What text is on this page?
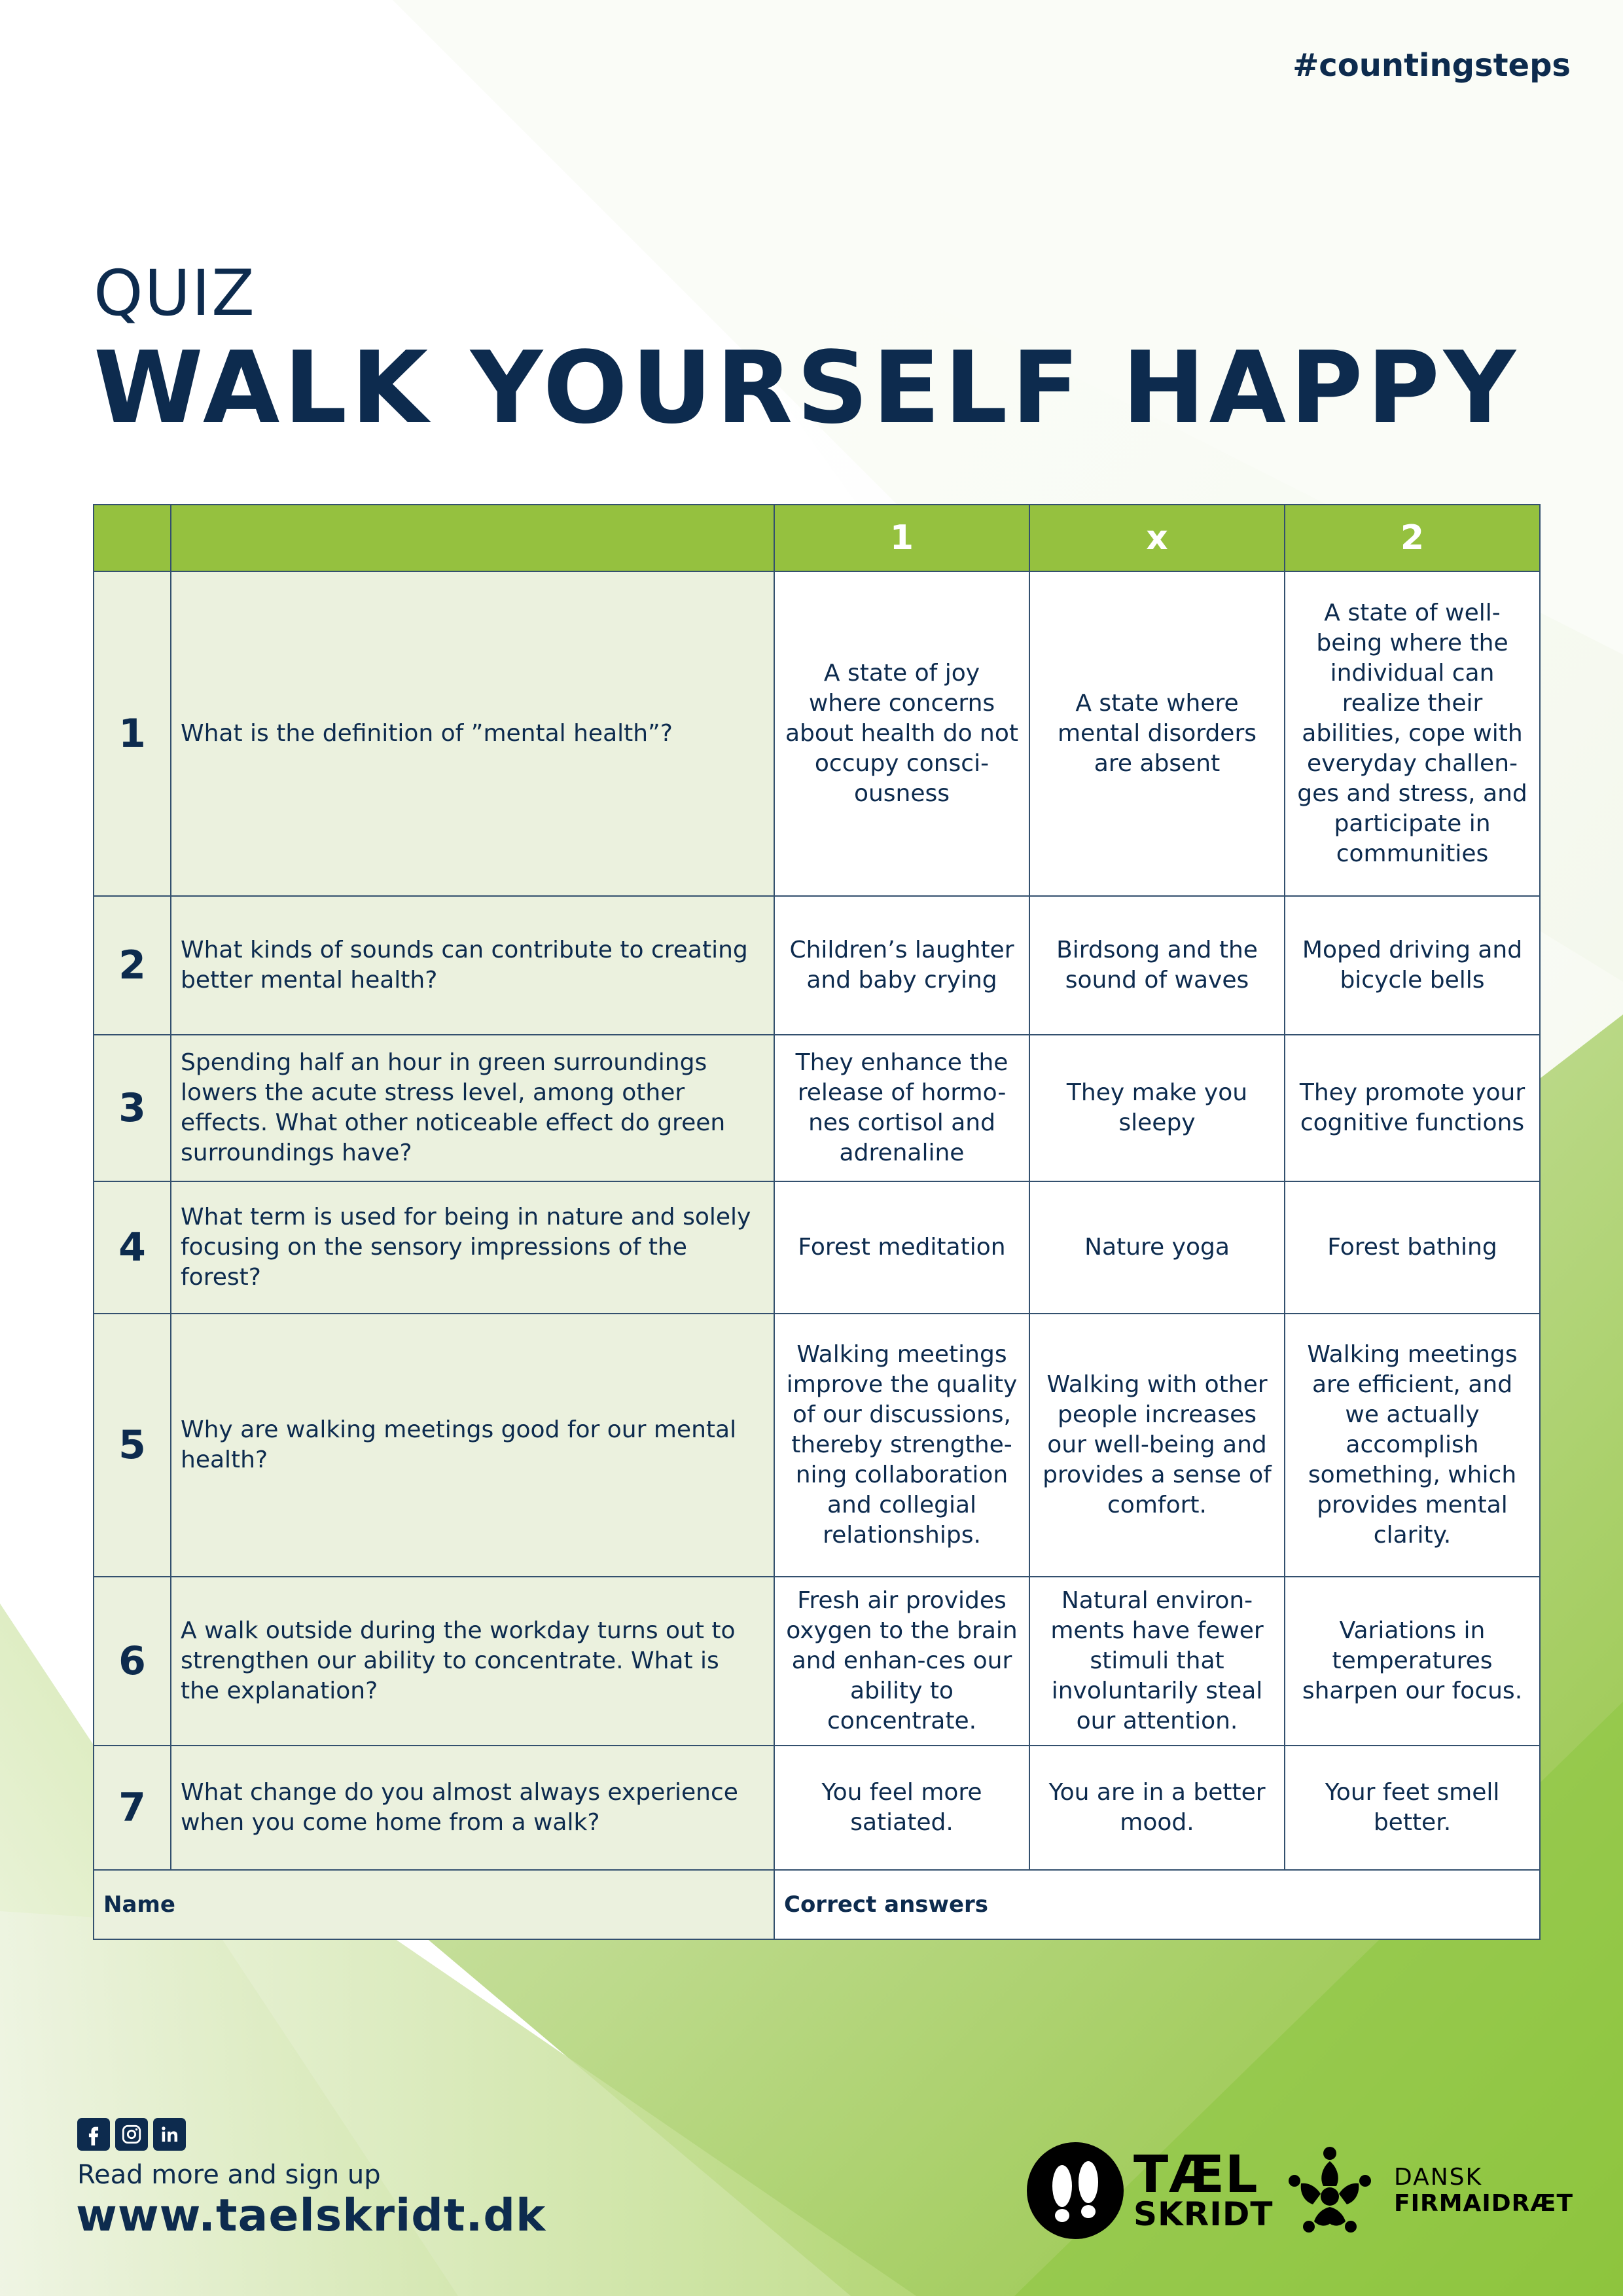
#countingsteps
QUIZ
WALK YOURSELF HAPPY
		1	x	2
1	What is the definition of ”mental health”?	A state of joy where concerns about health do not occupy consci-ousness	A state where mental disorders are absent	A state of well-being where the individual can realize their abilities, cope with everyday challen-ges and stress, and participate in communities
2	What kinds of sounds can contribute to creating better mental health?	Children’s laughter and baby crying	Birdsong and the sound of waves	Moped driving and bicycle bells
3	Spending half an hour in green surroundings lowers the acute stress level, among other effects. What other noticeable effect do green surroundings have?	They enhance the release of hormo-nes cortisol and adrenaline	They make you sleepy	They promote your cognitive functions
4	What term is used for being in nature and solely focusing on the sensory impressions of the forest?	Forest meditation	Nature yoga	Forest bathing
5	Why are walking meetings good for our mental health?	Walking meetings improve the quality of our discussions, thereby strengthe-ning collaboration and collegial relationships.	Walking with other people increases our well-being and provides a sense of comfort.	Walking meetings are efficient, and we actually accomplish something, which provides mental clarity.
6	A walk outside during the workday turns out to strengthen our ability to concentrate. What is the explanation?	Fresh air provides oxygen to the brain and enhan-ces our ability to concentrate.	Natural environ-ments have fewer stimuli that involuntarily steal our attention.	Variations in temperatures sharpen our focus.
7	What change do you almost always experience when you come home from a walk?	You feel more satiated.	You are in a better mood.	Your feet smell better.
Name		Correct answers		
Read more and sign up
www.taelskridt.dk
TÆL
SKRIDT
DANSK
FIRMAIDRÆT
